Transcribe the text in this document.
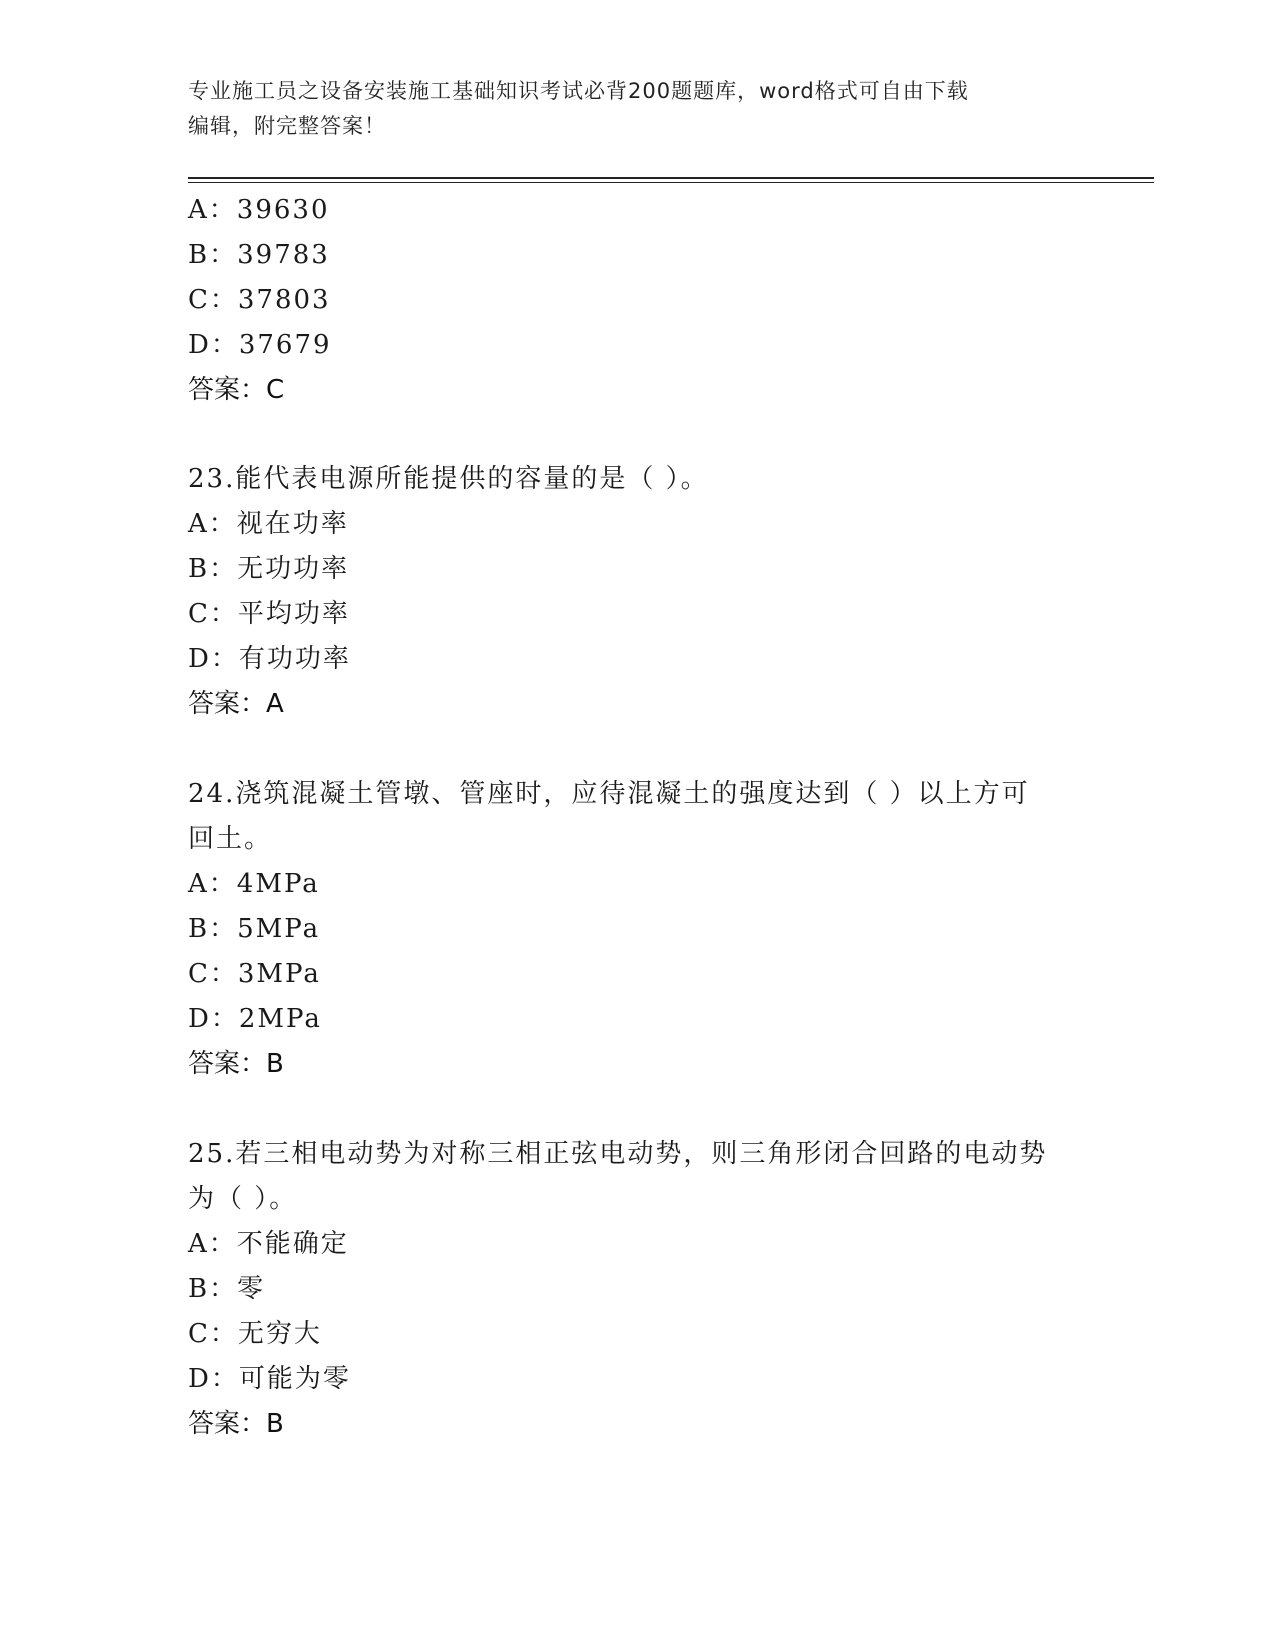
专业施工员之设备安装施工基础知识考试必背200题题库，word格式可自由下载
编辑，附完整答案！
A：39630
B：39783
C：37803
D：37679
答案：C
23.能代表电源所能提供的容量的是（ ）。
A：视在功率
B：无功功率
C：平均功率
D：有功功率
答案：A
24.浇筑混凝土管墩、管座时，应待混凝土的强度达到（ ）以上方可
回土。
A：4MPa
B：5MPa
C：3MPa
D：2MPa
答案：B
25.若三相电动势为对称三相正弦电动势，则三角形闭合回路的电动势
为（ ）。
A：不能确定
B：零
C：无穷大
D：可能为零
答案：B
